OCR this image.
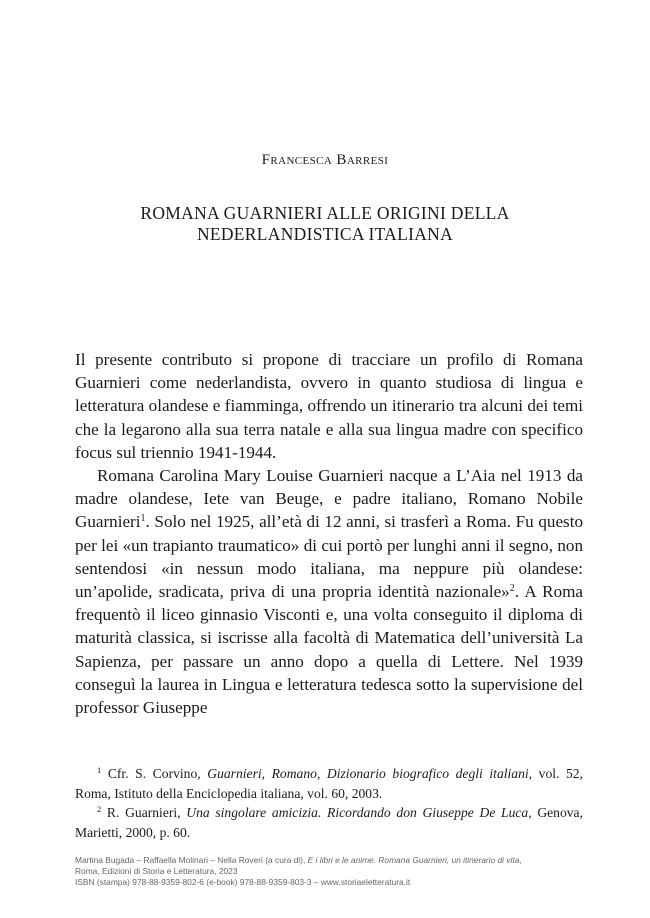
Francesca Barresi
ROMANA GUARNIERI ALLE ORIGINI DELLA
NEDERLANDISTICA ITALIANA

Il presente contributo si propone di tracciare un profilo di Romana Guarnieri come nederlandista, ovvero in quanto studiosa di lingua e letteratura olandese e fiamminga, offrendo un itinerario tra alcuni dei temi che la legarono alla sua terra natale e alla sua lingua madre con specifico focus sul triennio 1941-1944.

Romana Carolina Mary Louise Guarnieri nacque a L’Aia nel 1913 da madre olandese, Iete van Beuge, e padre italiano, Romano Nobile Guarnieri$^1$. Solo nel 1925, all’età di 12 anni, si trasferì a Roma. Fu questo per lei «un trapianto traumatico» di cui portò per lunghi anni il segno, non sentendosi «in nessun modo italiana, ma neppure più olandese: un’apolide, sradicata, priva di una propria identità nazionale»$^2$. A Roma frequentò il liceo ginnasio Visconti e, una volta conseguito il diploma di maturità classica, si iscrisse alla facoltà di Matematica dell’università La Sapienza, per passare un anno dopo a quella di Lettere. Nel 1939 conseguì la laurea in Lingua e letteratura tedesca sotto la supervisione del professor Giuseppe

$^1$ Cfr. S. Corvino, Guarnieri, Romano, Dizionario biografico degli italiani, vol. 52, Roma, Istituto della Enciclopedia italiana, vol. 60, 2003.

$^2$ R. Guarnieri, Una singolare amicizia. Ricordando don Giuseppe De Luca, Genova, Marietti, 2000, p. 60.

Martina Bugada – Raffaella Molinari – Nella Roveri (a cura di), E i libri e le anime. Romana Guarnieri, un itinerario di vita,
Roma, Edizioni di Storia e Letteratura, 2023
ISBN (stampa) 978-88-9359-802-6 (e-book) 978-88-9359-803-3 – www.storiaeletteratura.it
